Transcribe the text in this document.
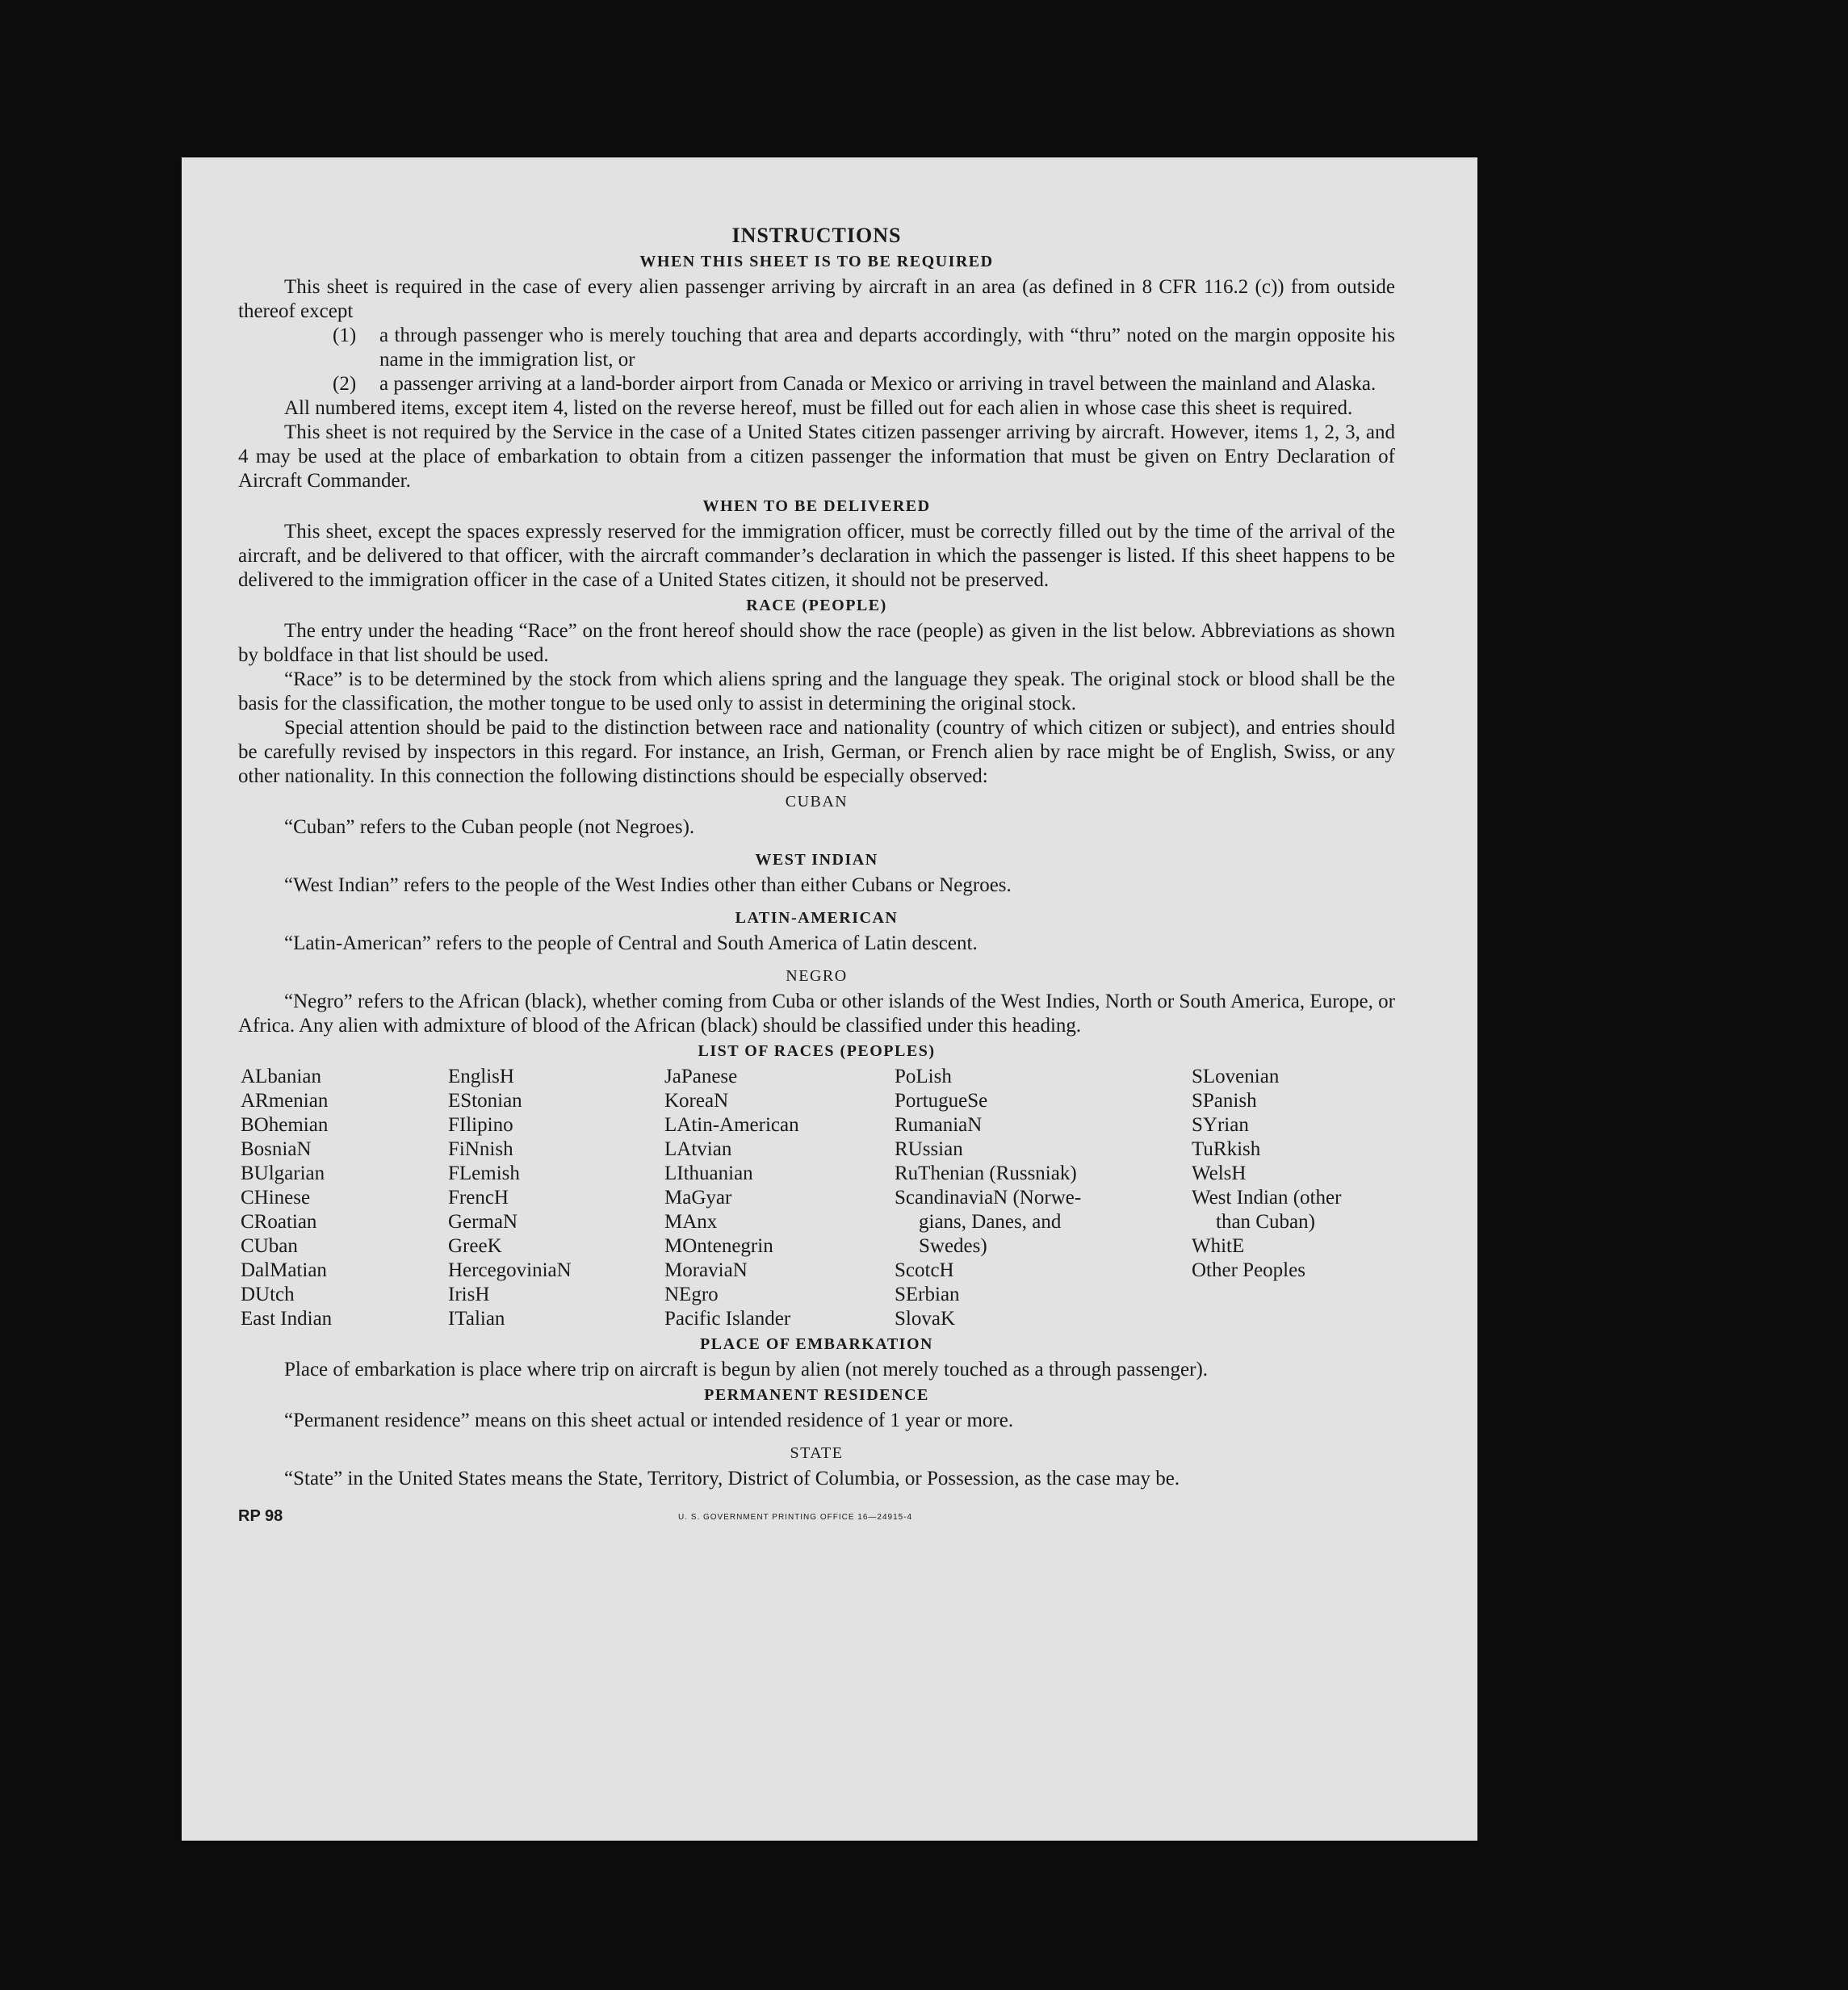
INSTRUCTIONS
WHEN THIS SHEET IS TO BE REQUIRED

This sheet is required in the case of every alien passenger arriving by aircraft in an area (as defined in 8 CFR 116.2 (c)) from outside thereof except

(1)	a through passenger who is merely touching that area and departs accordingly, with “thru” noted on the margin opposite his name in the immigration list, or
(2)	a passenger arriving at a land-border airport from Canada or Mexico or arriving in travel between the mainland and Alaska.

All numbered items, except item 4, listed on the reverse hereof, must be filled out for each alien in whose case this sheet is required.

This sheet is not required by the Service in the case of a United States citizen passenger arriving by aircraft. However, items 1, 2, 3, and 4 may be used at the place of embarkation to obtain from a citizen passenger the information that must be given on Entry Declaration of Aircraft Commander.

WHEN TO BE DELIVERED

This sheet, except the spaces expressly reserved for the immigration officer, must be correctly filled out by the time of the arrival of the aircraft, and be delivered to that officer, with the aircraft commander’s declaration in which the passenger is listed. If this sheet happens to be delivered to the immigration officer in the case of a United States citizen, it should not be preserved.

RACE (PEOPLE)

The entry under the heading “Race” on the front hereof should show the race (people) as given in the list below. Abbreviations as shown by boldface in that list should be used.

“Race” is to be determined by the stock from which aliens spring and the language they speak. The original stock or blood shall be the basis for the classification, the mother tongue to be used only to assist in determining the original stock.

Special attention should be paid to the distinction between race and nationality (country of which citizen or subject), and entries should be carefully revised by inspectors in this regard. For instance, an Irish, German, or French alien by race might be of English, Swiss, or any other nationality. In this connection the following distinctions should be especially observed:

CUBAN

“Cuban” refers to the Cuban people (not Negroes).

WEST INDIAN

“West Indian” refers to the people of the West Indies other than either Cubans or Negroes.

LATIN-AMERICAN

“Latin-American” refers to the people of Central and South America of Latin descent.

NEGRO

“Negro” refers to the African (black), whether coming from Cuba or other islands of the West Indies, North or South America, Europe, or Africa. Any alien with admixture of blood of the African (black) should be classified under this heading.

LIST OF RACES (PEOPLES)
ALbanian
ARmenian
BOhemian
BosniaN
BUlgarian
CHinese
CRoatian
CUban
DalMatian
DUtch
East Indian
EnglisH
EStonian
FIlipino
FiNnish
FLemish
FrencH
GermaN
GreeK
HercegoviniaN
IrisH
ITalian
JaPanese
KoreaN
LAtin-American
LAtvian
LIthuanian
MaGyar
MAnx
MOntenegrin
MoraviaN
NEgro
Pacific Islander
PoLish
PortugueSe
RumaniaN
RUssian
RuThenian (Russniak)
ScandinaviaN (Norwe-
gians, Danes, and
Swedes)
ScotcH
SErbian
SlovaK
SLovenian
SPanish
SYrian
TuRkish
WelsH
West Indian (other
than Cuban)
WhitE
Other Peoples
PLACE OF EMBARKATION

Place of embarkation is place where trip on aircraft is begun by alien (not merely touched as a through passenger).

PERMANENT RESIDENCE

“Permanent residence” means on this sheet actual or intended residence of 1 year or more.

STATE

“State” in the United States means the State, Territory, District of Columbia, or Possession, as the case may be.

RP 98	U. S. GOVERNMENT PRINTING OFFICE 16—24915-4
